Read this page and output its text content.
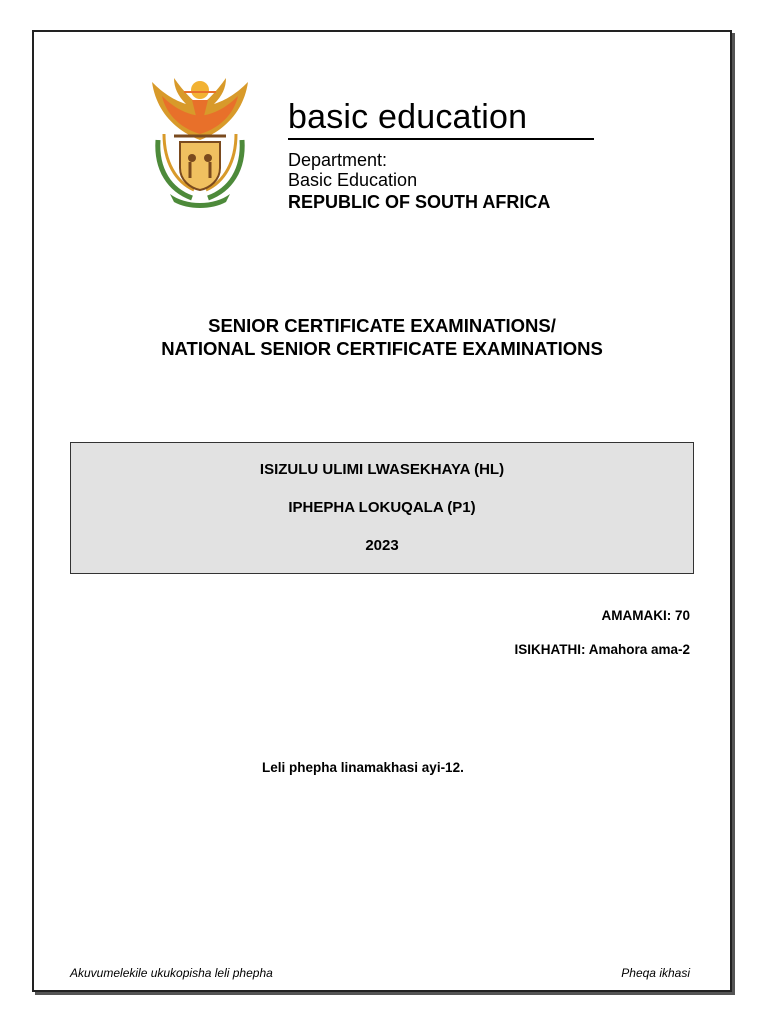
basic education
Department:
Basic Education
REPUBLIC OF SOUTH AFRICA
SENIOR CERTIFICATE EXAMINATIONS/
NATIONAL SENIOR CERTIFICATE EXAMINATIONS
ISIZULU ULIMI LWASEKHAYA (HL)
IPHEPHA LOKUQALA (P1)
2023
AMAMAKI: 70
ISIKHATHI: Amahora ama-2
Leli phepha linamakhasi ayi-12.
Akuvumelekile ukukopisha leli phepha	Pheqa ikhasi
